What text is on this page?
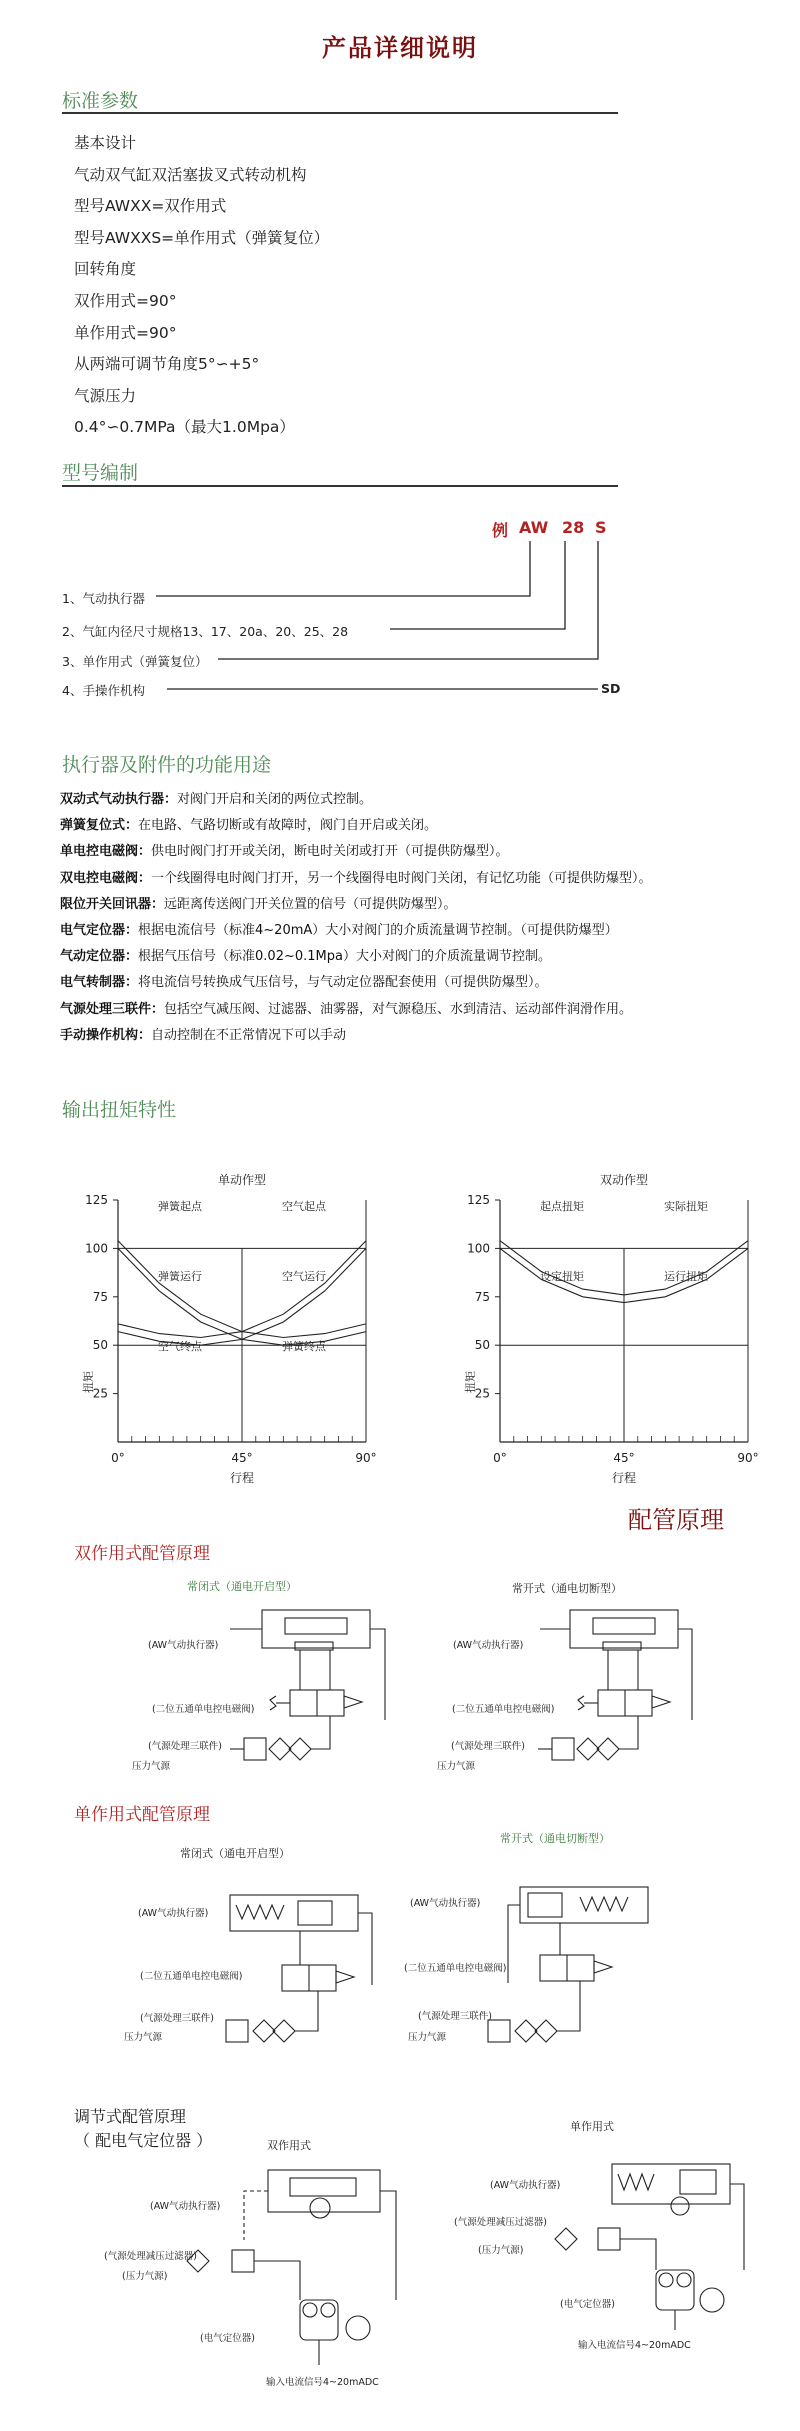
产品详细说明
标准参数
基本设计
气动双气缸双活塞拔叉式转动机构
型号AWXX=双作用式
型号AWXXS=单作用式（弹簧复位）
回转角度
双作用式=90°
单作用式=90°
从两端可调节角度5°∽+5°
气源压力
0.4°∽0.7MPa（最大1.0Mpa）
型号编制
例 AW 28 S
1、气动执行器
2、气缸内径尺寸规格13、17、20a、20、25、28
3、单作用式（弹簧复位）
4、手操作机构	SD
执行器及附件的功能用途
双动式气动执行器：对阀门开启和关闭的两位式控制。
弹簧复位式：在电路、气路切断或有故障时，阀门自开启或关闭。
单电控电磁阀：供电时阀门打开或关闭，断电时关闭或打开（可提供防爆型）。
双电控电磁阀：一个线圈得电时阀门打开，另一个线圈得电时阀门关闭，有记忆功能（可提供防爆型）。
限位开关回讯器：远距离传送阀门开关位置的信号（可提供防爆型）。
电气定位器：根据电流信号（标准4~20mA）大小对阀门的介质流量调节控制。（可提供防爆型）
气动定位器：根据气压信号（标准0.02~0.1Mpa）大小对阀门的介质流量调节控制。
电气转制器：将电流信号转换成气压信号，与气动定位器配套使用（可提供防爆型）。
气源处理三联件：包括空气减压阀、过滤器、油雾器，对气源稳压、水到清洁、运动部件润滑作用。
手动操作机构：自动控制在不正常情况下可以手动
输出扭矩特性
单动作型
125
100
75
50
25
0°	45°	90°
行程
扭矩
弹簧起点	空气起点
弹簧运行	空气运行
空气终点	弹簧终点
双动作型
125
100
75
50
25
0°	45°	90°
行程
扭矩
起点扭矩	实际扭矩
设定扭矩	运行扭矩
配管原理
双作用式配管原理
常闭式（通电开启型）	常开式（通电切断型）
(AW气动执行器)
(二位五通单电控电磁阀)
(气源处理三联件)
压力气源
(AW气动执行器)
(二位五通单电控电磁阀)
(气源处理三联件)
压力气源
单作用式配管原理
常开式（通电切断型）
常闭式（通电开启型）
(AW气动执行器)
(二位五通单电控电磁阀)
(气源处理三联件)
压力气源
(AW气动执行器)
(二位五通单电控电磁阀)
(气源处理三联件)
压力气源
调节式配管原理
（ 配电气定位器 ）	双作用式
单作用式
(AW气动执行器)
(气源处理减压过滤器)
(压力气源)
(电气定位器)
输入电流信号4~20mADC
(AW气动执行器)
(气源处理减压过滤器)
(压力气源)
(电气定位器)
输入电流信号4~20mADC
